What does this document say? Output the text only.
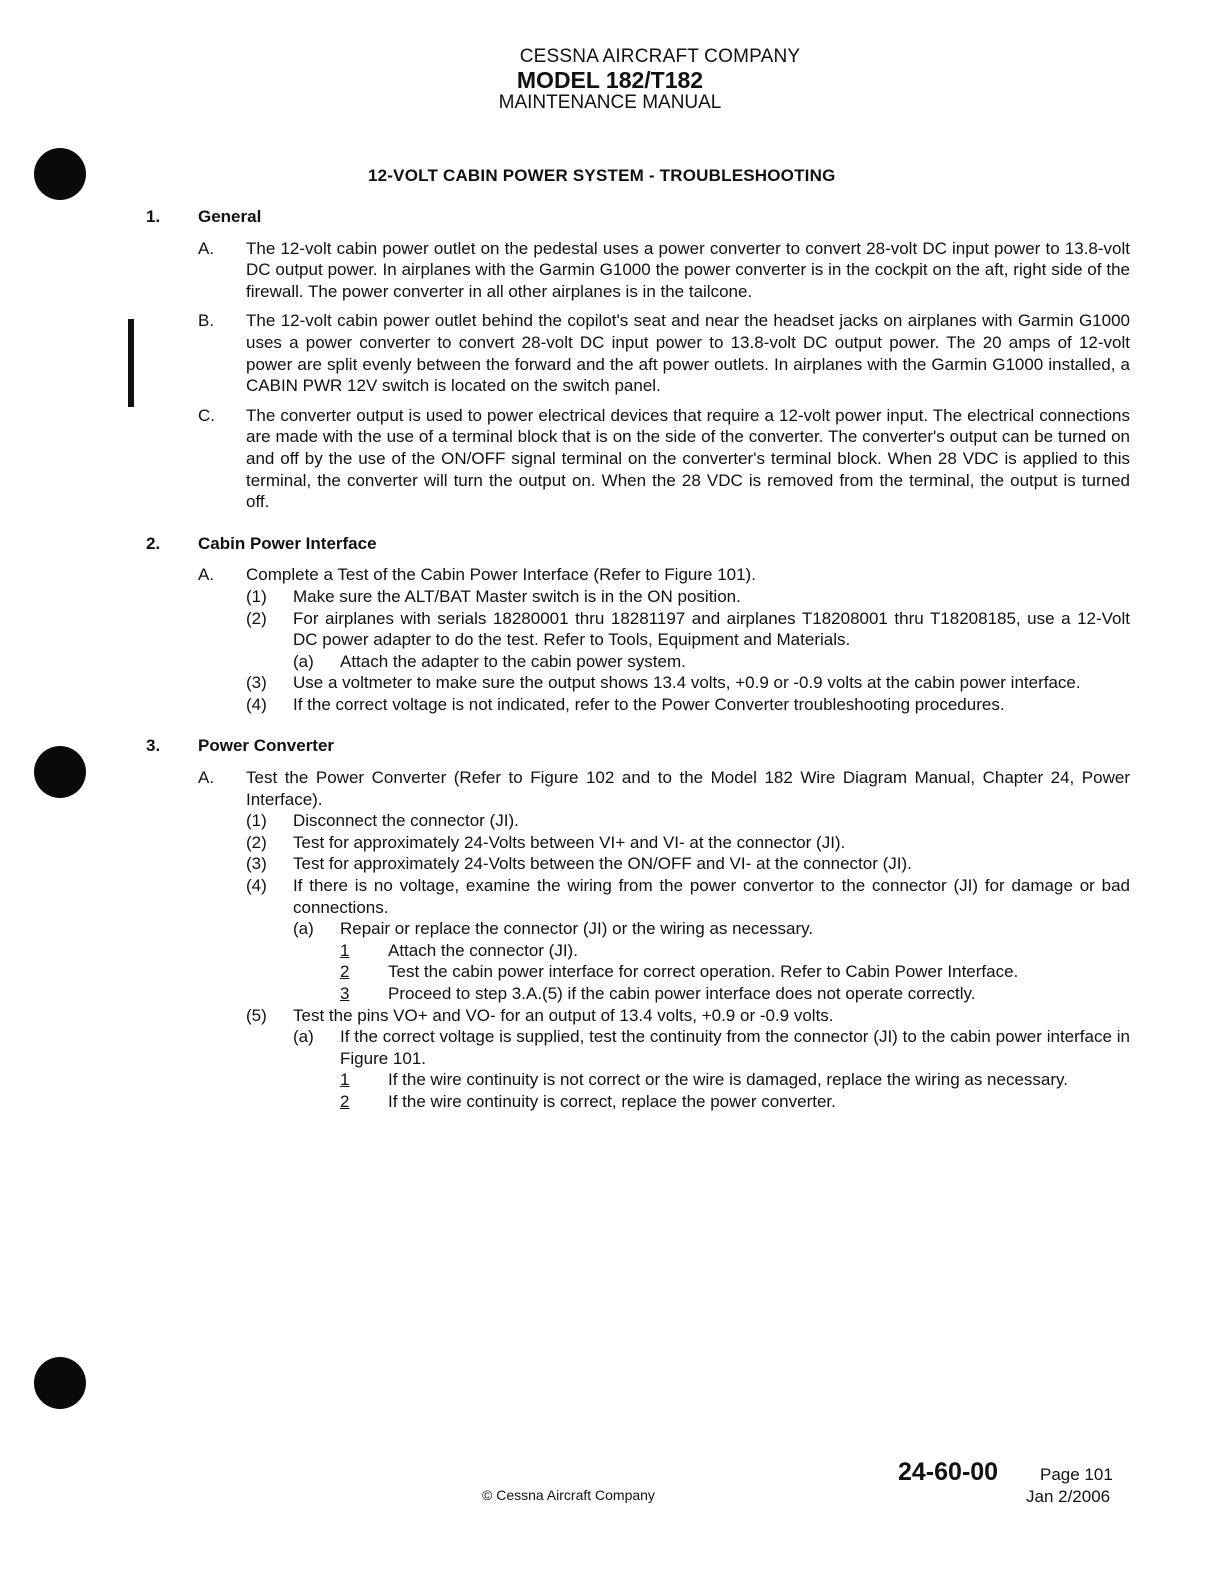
CESSNA AIRCRAFT COMPANY
MODEL 182/T182
MAINTENANCE MANUAL
12-VOLT CABIN POWER SYSTEM - TROUBLESHOOTING
1.	General
A.	The 12-volt cabin power outlet on the pedestal uses a power converter to convert 28-volt DC input power to 13.8-volt DC output power. In airplanes with the Garmin G1000 the power converter is in the cockpit on the aft, right side of the firewall. The power converter in all other airplanes is in the tailcone.
B.	The 12-volt cabin power outlet behind the copilot's seat and near the headset jacks on airplanes with Garmin G1000 uses a power converter to convert 28-volt DC input power to 13.8-volt DC output power. The 20 amps of 12-volt power are split evenly between the forward and the aft power outlets. In airplanes with the Garmin G1000 installed, a CABIN PWR 12V switch is located on the switch panel.
C.	The converter output is used to power electrical devices that require a 12-volt power input. The electrical connections are made with the use of a terminal block that is on the side of the converter. The converter's output can be turned on and off by the use of the ON/OFF signal terminal on the converter's terminal block. When 28 VDC is applied to this terminal, the converter will turn the output on. When the 28 VDC is removed from the terminal, the output is turned off.
2.	Cabin Power Interface
A.	Complete a Test of the Cabin Power Interface (Refer to Figure 101).
(1)	Make sure the ALT/BAT Master switch is in the ON position.
(2)	For airplanes with serials 18280001 thru 18281197 and airplanes T18208001 thru T18208185, use a 12-Volt DC power adapter to do the test. Refer to Tools, Equipment and Materials.
(a)	Attach the adapter to the cabin power system.
(3)	Use a voltmeter to make sure the output shows 13.4 volts, +0.9 or -0.9 volts at the cabin power interface.
(4)	If the correct voltage is not indicated, refer to the Power Converter troubleshooting procedures.
3.	Power Converter
A.	Test the Power Converter (Refer to Figure 102 and to the Model 182 Wire Diagram Manual, Chapter 24, Power Interface).
(1)	Disconnect the connector (JI).
(2)	Test for approximately 24-Volts between VI+ and VI- at the connector (JI).
(3)	Test for approximately 24-Volts between the ON/OFF and VI- at the connector (JI).
(4)	If there is no voltage, examine the wiring from the power convertor to the connector (JI) for damage or bad connections.
(a)	Repair or replace the connector (JI) or the wiring as necessary.
1	Attach the connector (JI).
2	Test the cabin power interface for correct operation. Refer to Cabin Power Interface.
3	Proceed to step 3.A.(5) if the cabin power interface does not operate correctly.
(5)	Test the pins VO+ and VO- for an output of 13.4 volts, +0.9 or -0.9 volts.
(a)	If the correct voltage is supplied, test the continuity from the connector (JI) to the cabin power interface in Figure 101.
1	If the wire continuity is not correct or the wire is damaged, replace the wiring as necessary.
2	If the wire continuity is correct, replace the power converter.
© Cessna Aircraft Company
24-60-00 Page 101
Jan 2/2006
